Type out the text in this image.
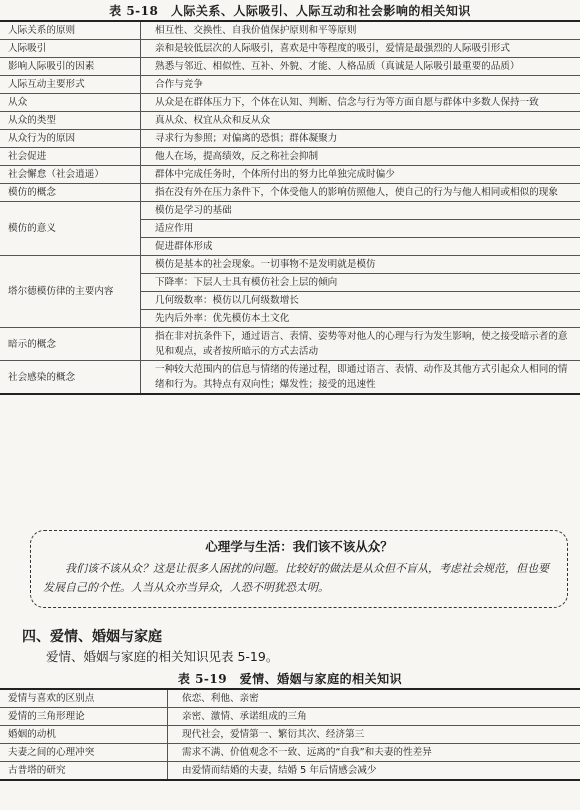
表 5-18　人际关系、人际吸引、人际互动和社会影响的相关知识
人际关系的原则	相互性、交换性、自我价值保护原则和平等原则
人际吸引	亲和是较低层次的人际吸引，喜欢是中等程度的吸引，爱情是最强烈的人际吸引形式
影响人际吸引的因素	熟悉与邻近、相似性、互补、外貌、才能、人格品质（真诚是人际吸引最重要的品质）
人际互动主要形式	合作与竞争
从众	从众是在群体压力下，个体在认知、判断、信念与行为等方面自愿与群体中多数人保持一致
从众的类型	真从众、权宜从众和反从众
从众行为的原因	寻求行为参照；对偏离的恐惧；群体凝聚力
社会促进	他人在场，提高绩效，反之称社会抑制
社会懈怠（社会逍遥）	群体中完成任务时，个体所付出的努力比单独完成时偏少
模仿的概念	指在没有外在压力条件下，个体受他人的影响仿照他人，使自己的行为与他人相同或相似的现象
模仿的意义	模仿是学习的基础
	适应作用
	促进群体形成
塔尔德模仿律的主要内容	模仿是基本的社会现象。一切事物不是发明就是模仿
	下降率：下层人士具有模仿社会上层的倾向
	几何级数率：模仿以几何级数增长
	先内后外率：优先模仿本土文化
暗示的概念	指在非对抗条件下，通过语言、表情、姿势等对他人的心理与行为发生影响，使之接受暗示者的意见和观点，或者按所暗示的方式去活动
社会感染的概念	一种较大范围内的信息与情绪的传递过程，即通过语言、表情、动作及其他方式引起众人相同的情绪和行为。其特点有双向性；爆发性；接受的迅速性
心理学与生活：我们该不该从众？
我们该不该从众？这是让很多人困扰的问题。比较好的做法是从众但不盲从，考虑社会规范，但也要发展自己的个性。人当从众亦当异众，人恐不明犹恐太明。
四、爱情、婚姻与家庭
爱情、婚姻与家庭的相关知识见表 5-19。
表 5-19　爱情、婚姻与家庭的相关知识
爱情与喜欢的区别点	依恋、利他、亲密
爱情的三角形理论	亲密、激情、承诺组成的三角
婚姻的动机	现代社会，爱情第一、繁衍其次、经济第三
夫妻之间的心理冲突	需求不满、价值观念不一致、远离的“自我”和夫妻的性差异
古普塔的研究	由爱情而结婚的夫妻，结婚 5 年后情感会减少
